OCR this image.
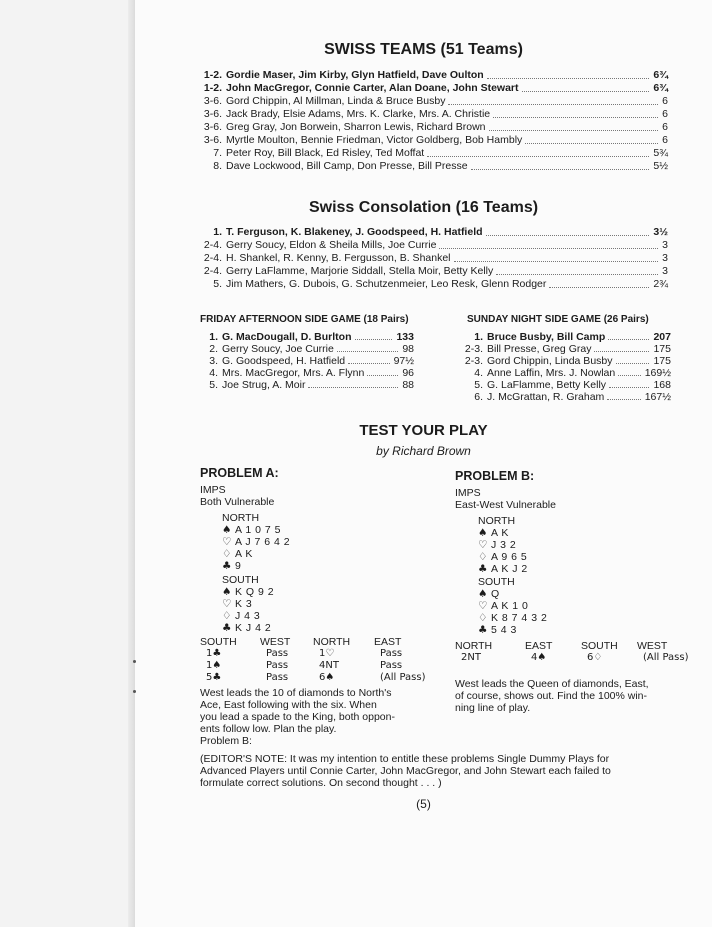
SWISS TEAMS (51 Teams)
1-2. Gordie Maser, Jim Kirby, Glyn Hatfield, Dave Oulton	6¾
1-2. John MacGregor, Connie Carter, Alan Doane, John Stewart	6¾
3-6. Gord Chippin, Al Millman, Linda & Bruce Busby	6
3-6. Jack Brady, Elsie Adams, Mrs. K. Clarke, Mrs. A. Christie	6
3-6. Greg Gray, Jon Borwein, Sharron Lewis, Richard Brown	6
3-6. Myrtle Moulton, Bennie Friedman, Victor Goldberg, Bob Hambly	6
7. Peter Roy, Bill Black, Ed Risley, Ted Moffat	5¾
8. Dave Lockwood, Bill Camp, Don Presse, Bill Presse	5½
Swiss Consolation (16 Teams)
1. T. Ferguson, K. Blakeney, J. Goodspeed, H. Hatfield	3½
2-4. Gerry Soucy, Eldon & Sheila Mills, Joe Currie	3
2-4. H. Shankel, R. Kenny, B. Fergusson, B. Shankel	3
2-4. Gerry LaFlamme, Marjorie Siddall, Stella Moir, Betty Kelly	3
5. Jim Mathers, G. Dubois, G. Schutzenmeier, Leo Resk, Glenn Rodger	2¾
FRIDAY AFTERNOON SIDE GAME (18 Pairs)	SUNDAY NIGHT SIDE GAME (26 Pairs)
1. G. MacDougall, D. Burlton	133
2. Gerry Soucy, Joe Currie	98
3. G. Goodspeed, H. Hatfield	97½
4. Mrs. MacGregor, Mrs. A. Flynn	96
5. Joe Strug, A. Moir	88
1. Bruce Busby, Bill Camp	207
2-3. Bill Presse, Greg Gray	175
2-3. Gord Chippin, Linda Busby	175
4. Anne Laffin, Mrs. J. Nowlan	169½
5. G. LaFlamme, Betty Kelly	168
6. J. McGrattan, R. Graham	167½
TEST YOUR PLAY
by Richard Brown
PROBLEM A:
IMPS
Both Vulnerable
NORTH
♠ A 1 0 7 5
♡ A J 7 6 4 2
♢ A K
♣ 9
SOUTH
♠ K Q 9 2
♡ K 3
♢ J 4 3
♣ K J 4 2
SOUTH WEST NORTH EAST
1♣	Pass	1♡	Pass
1♠	Pass	4NT	Pass
5♣	Pass	6♠	(All Pass)
West leads the 10 of diamonds to North's
Ace, East following with the six. When
you lead a spade to the King, both oppon-
ents follow low. Plan the play.
Problem B:
PROBLEM B:
IMPS
East-West Vulnerable
NORTH
♠ A K
♡ J 3 2
♢ A 9 6 5
♣ A K J 2
SOUTH
♠ Q
♡ A K 1 0
♢ K 8 7 4 3 2
♣ 5 4 3
NORTH	EAST	SOUTH WEST
2NT	4♠	6♢	(All Pass)
West leads the Queen of diamonds, East,
of course, shows out. Find the 100% win-
ning line of play.
(EDITOR'S NOTE: It was my intention to entitle these problems Single Dummy Plays for
Advanced Players until Connie Carter, John MacGregor, and John Stewart each failed to
formulate correct solutions. On second thought . . . )
(5)
